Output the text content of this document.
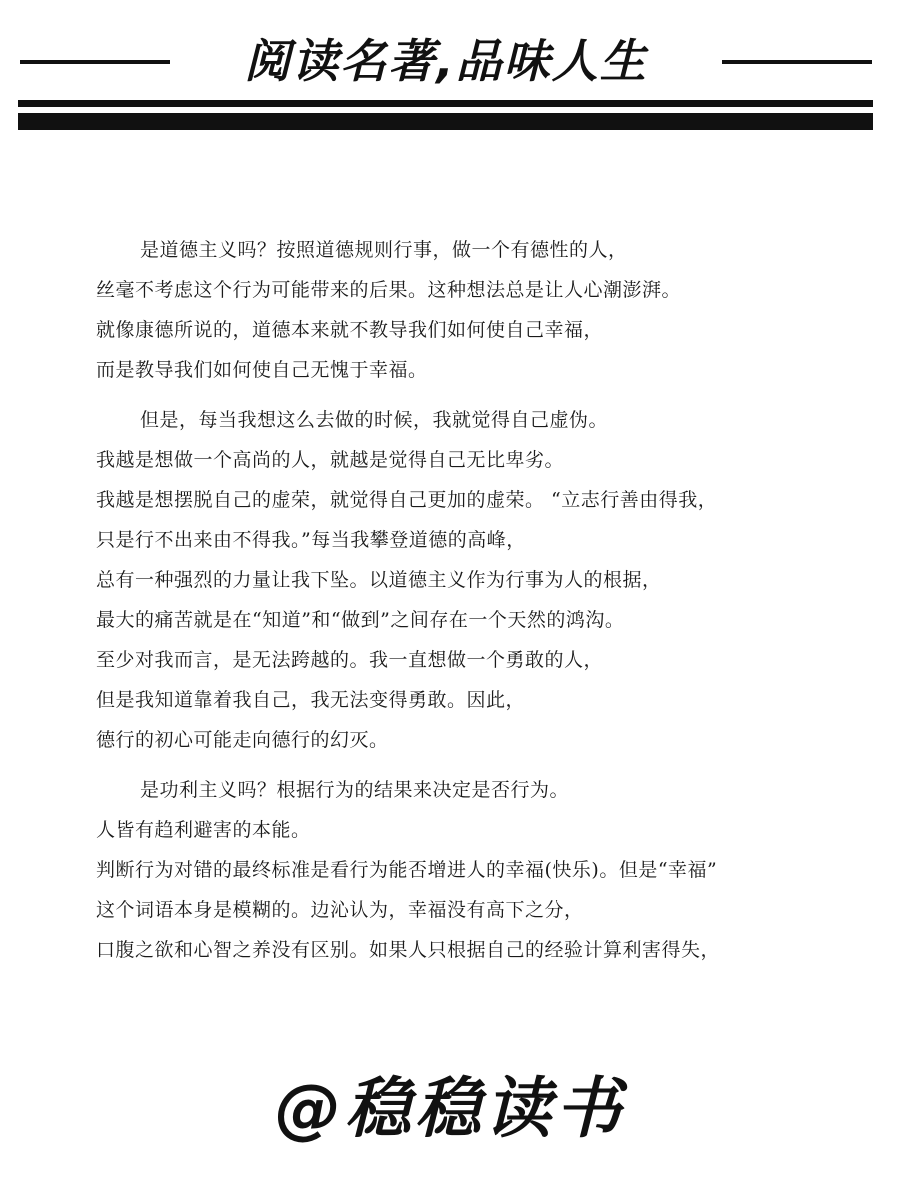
阅读名著,品味人生
是道德主义吗？按照道德规则行事，做一个有德性的人，
丝毫不考虑这个行为可能带来的后果。这种想法总是让人心潮澎湃。
就像康德所说的，道德本来就不教导我们如何使自己幸福，
而是教导我们如何使自己无愧于幸福。
但是，每当我想这么去做的时候，我就觉得自己虚伪。
我越是想做一个高尚的人，就越是觉得自己无比卑劣。
我越是想摆脱自己的虚荣，就觉得自己更加的虚荣。 “立志行善由得我，
只是行不出来由不得我。”每当我攀登道德的高峰，
总有一种强烈的力量让我下坠。以道德主义作为行事为人的根据，
最大的痛苦就是在“知道”和“做到”之间存在一个天然的鸿沟。
至少对我而言，是无法跨越的。我一直想做一个勇敢的人，
但是我知道靠着我自己，我无法变得勇敢。因此，
德行的初心可能走向德行的幻灭。
是功利主义吗？根据行为的结果来决定是否行为。
人皆有趋利避害的本能。
判断行为对错的最终标准是看行为能否增进人的幸福(快乐)。但是“幸福”
这个词语本身是模糊的。边沁认为，幸福没有高下之分，
口腹之欲和心智之养没有区别。如果人只根据自己的经验计算利害得失，
@稳稳读书
